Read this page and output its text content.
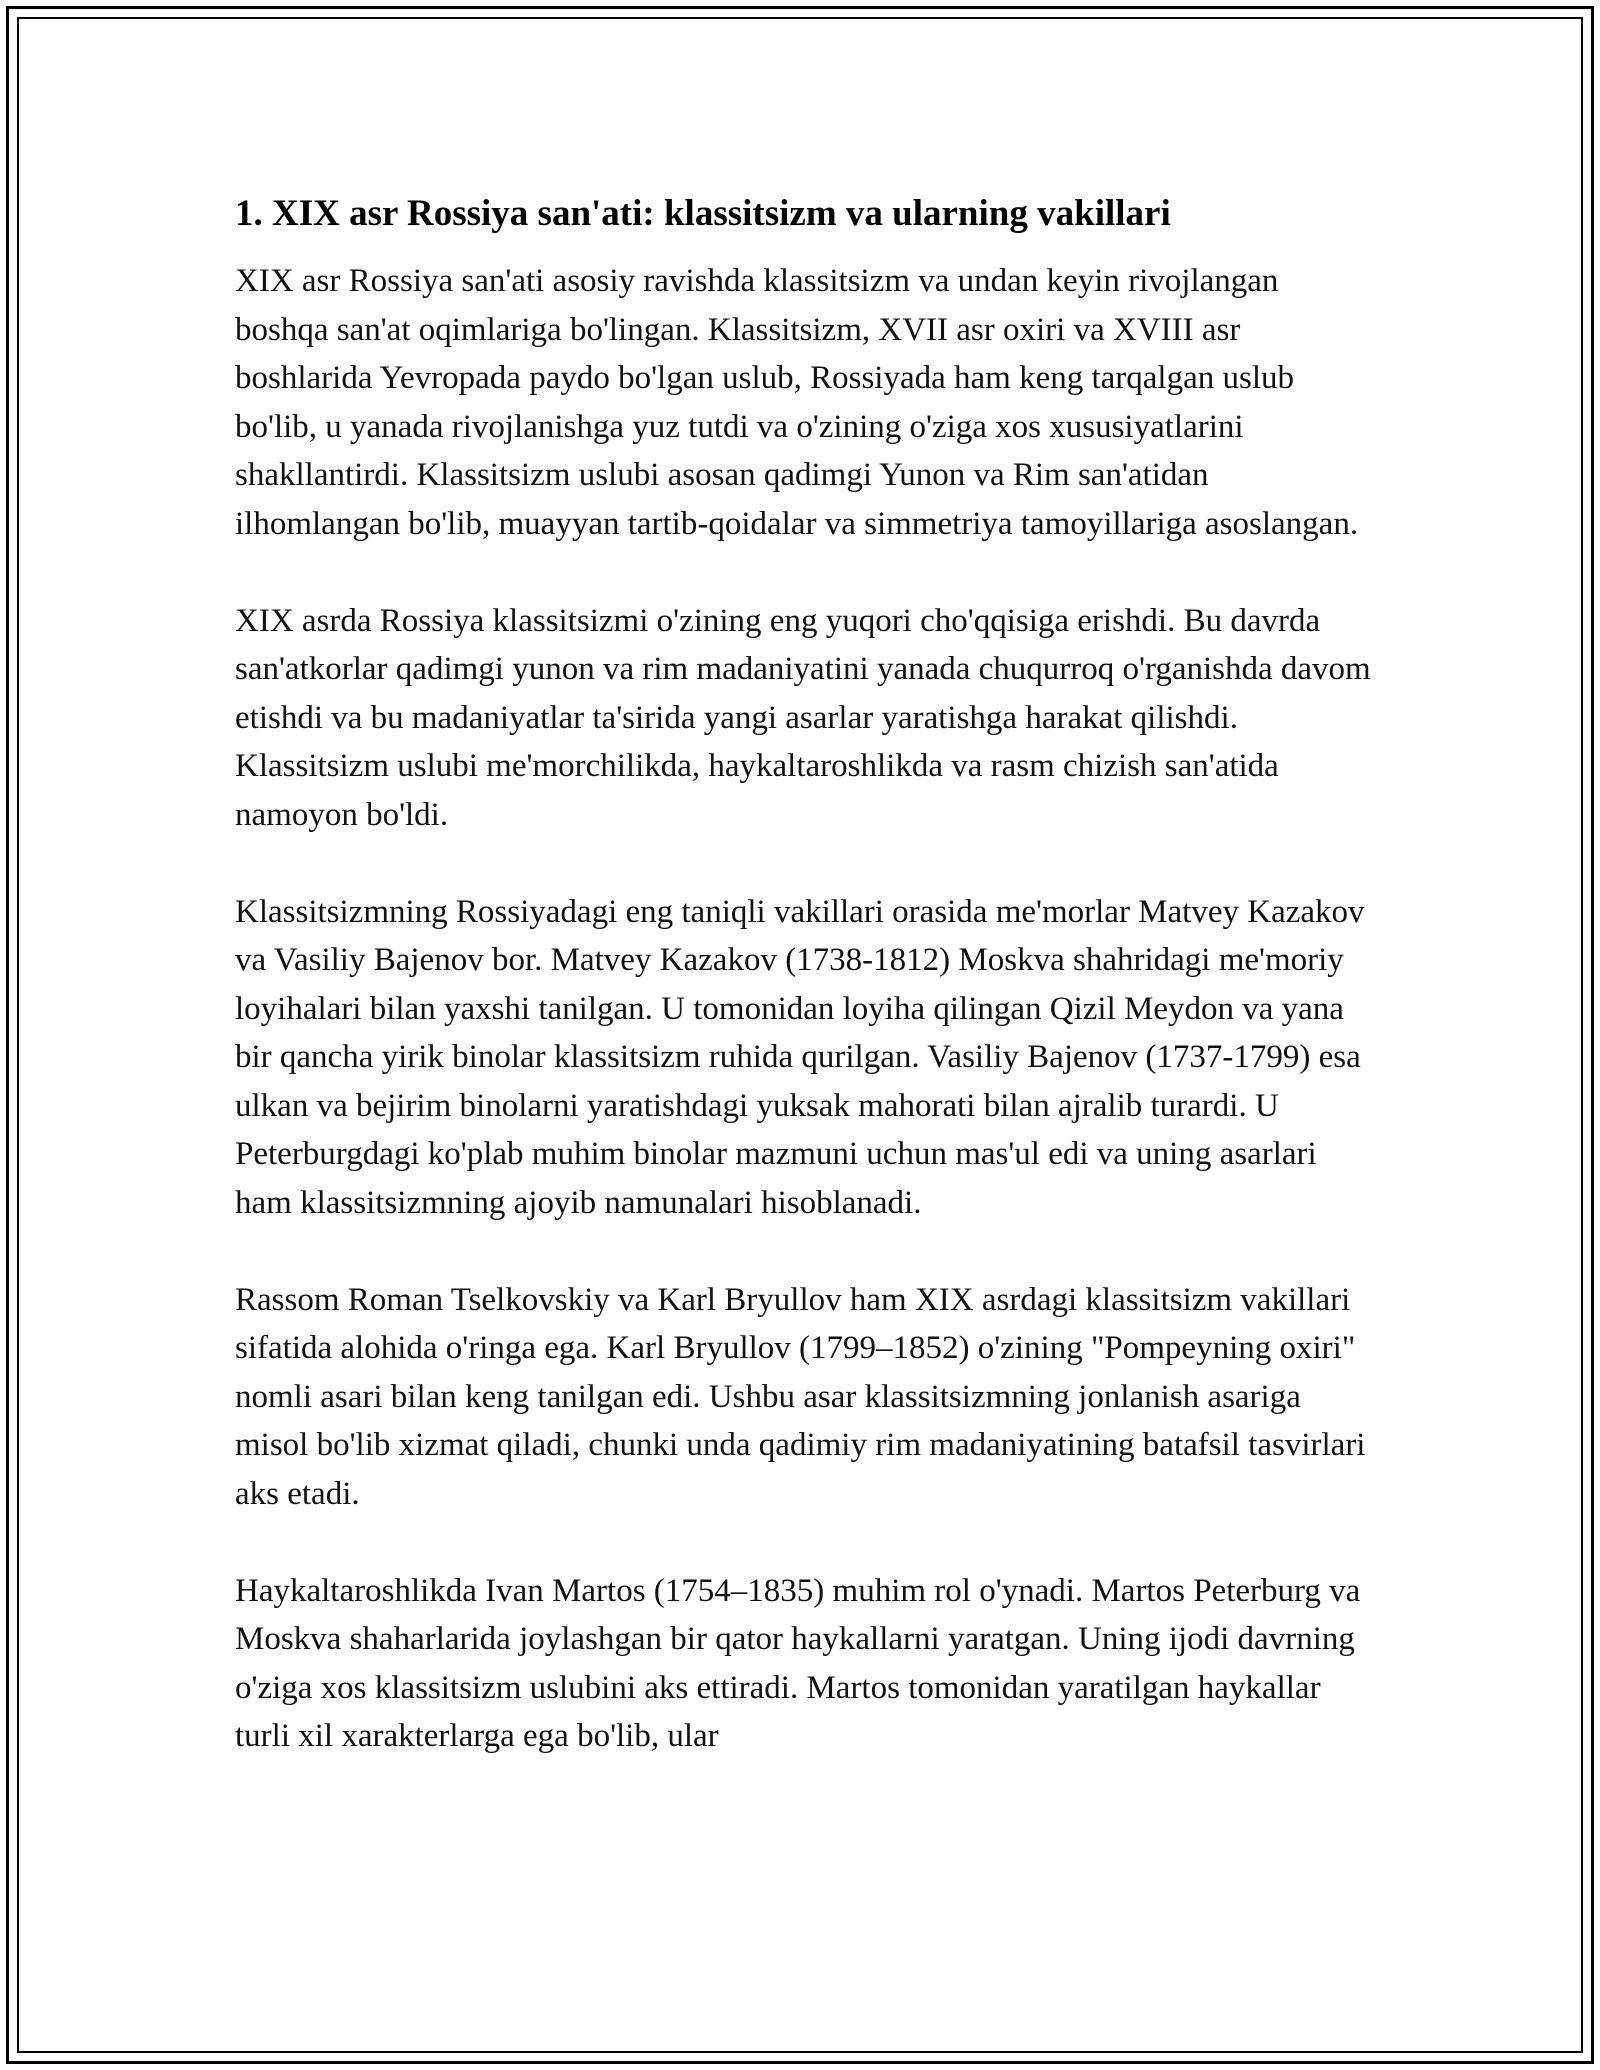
1. XIX asr Rossiya san'ati: klassitsizm va ularning vakillari

XIX asr Rossiya san'ati asosiy ravishda klassitsizm va undan keyin rivojlangan boshqa san'at oqimlariga bo'lingan. Klassitsizm, XVII asr oxiri va XVIII asr boshlarida Yevropada paydo bo'lgan uslub, Rossiyada ham keng tarqalgan uslub bo'lib, u yanada rivojlanishga yuz tutdi va o'zining o'ziga xos xususiyatlarini shakllantirdi. Klassitsizm uslubi asosan qadimgi Yunon va Rim san'atidan ilhomlangan bo'lib, muayyan tartib-qoidalar va simmetriya tamoyillariga asoslangan.

XIX asrda Rossiya klassitsizmi o'zining eng yuqori cho'qqisiga erishdi. Bu davrda san'atkorlar qadimgi yunon va rim madaniyatini yanada chuqurroq o'rganishda davom etishdi va bu madaniyatlar ta'sirida yangi asarlar yaratishga harakat qilishdi. Klassitsizm uslubi me'morchilikda, haykaltaroshlikda va rasm chizish san'atida namoyon bo'ldi.

Klassitsizmning Rossiyadagi eng taniqli vakillari orasida me'morlar Matvey Kazakov va Vasiliy Bajenov bor. Matvey Kazakov (1738-1812) Moskva shahridagi me'moriy loyihalari bilan yaxshi tanilgan. U tomonidan loyiha qilingan Qizil Meydon va yana bir qancha yirik binolar klassitsizm ruhida qurilgan. Vasiliy Bajenov (1737-1799) esa ulkan va bejirim binolarni yaratishdagi yuksak mahorati bilan ajralib turardi. U Peterburgdagi ko'plab muhim binolar mazmuni uchun mas'ul edi va uning asarlari ham klassitsizmning ajoyib namunalari hisoblanadi.

Rassom Roman Tselkovskiy va Karl Bryullov ham XIX asrdagi klassitsizm vakillari sifatida alohida o'ringa ega. Karl Bryullov (1799–1852) o'zining "Pompeyning oxiri" nomli asari bilan keng tanilgan edi. Ushbu asar klassitsizmning jonlanish asariga misol bo'lib xizmat qiladi, chunki unda qadimiy rim madaniyatining batafsil tasvirlari aks etadi.

Haykaltaroshlikda Ivan Martos (1754–1835) muhim rol o'ynadi. Martos Peterburg va Moskva shaharlarida joylashgan bir qator haykallarni yaratgan. Uning ijodi davrning o'ziga xos klassitsizm uslubini aks ettiradi. Martos tomonidan yaratilgan haykallar turli xil xarakterlarga ega bo'lib, ular
